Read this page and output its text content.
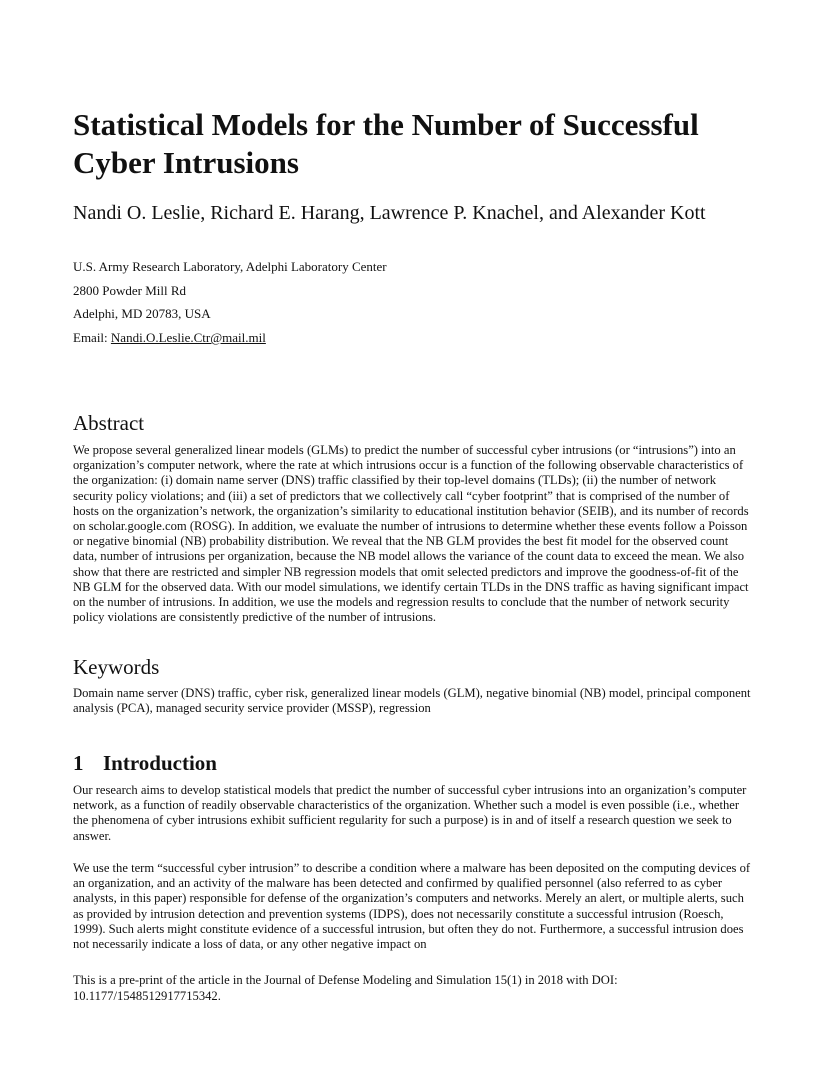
Statistical Models for the Number of Successful Cyber Intrusions

Nandi O. Leslie, Richard E. Harang, Lawrence P. Knachel, and Alexander Kott

U.S. Army Research Laboratory, Adelphi Laboratory Center

2800 Powder Mill Rd

Adelphi, MD 20783, USA

Email: Nandi.O.Leslie.Ctr@mail.mil

Abstract

We propose several generalized linear models (GLMs) to predict the number of successful cyber intrusions (or “intrusions”) into an organization’s computer network, where the rate at which intrusions occur is a function of the following observable characteristics of the organization: (i) domain name server (DNS) traffic classified by their top-level domains (TLDs); (ii) the number of network security policy violations; and (iii) a set of predictors that we collectively call “cyber footprint” that is comprised of the number of hosts on the organization’s network, the organization’s similarity to educational institution behavior (SEIB), and its number of records on scholar.google.com (ROSG). In addition, we evaluate the number of intrusions to determine whether these events follow a Poisson or negative binomial (NB) probability distribution. We reveal that the NB GLM provides the best fit model for the observed count data, number of intrusions per organization, because the NB model allows the variance of the count data to exceed the mean. We also show that there are restricted and simpler NB regression models that omit selected predictors and improve the goodness-of-fit of the NB GLM for the observed data. With our model simulations, we identify certain TLDs in the DNS traffic as having significant impact on the number of intrusions. In addition, we use the models and regression results to conclude that the number of network security policy violations are consistently predictive of the number of intrusions.

Keywords

Domain name server (DNS) traffic, cyber risk, generalized linear models (GLM), negative binomial (NB) model, principal component analysis (PCA), managed security service provider (MSSP), regression

1 Introduction

Our research aims to develop statistical models that predict the number of successful cyber intrusions into an organization’s computer network, as a function of readily observable characteristics of the organization. Whether such a model is even possible (i.e., whether the phenomena of cyber intrusions exhibit sufficient regularity for such a purpose) is in and of itself a research question we seek to answer.

We use the term “successful cyber intrusion” to describe a condition where a malware has been deposited on the computing devices of an organization, and an activity of the malware has been detected and confirmed by qualified personnel (also referred to as cyber analysts, in this paper) responsible for defense of the organization’s computers and networks. Merely an alert, or multiple alerts, such as provided by intrusion detection and prevention systems (IDPS), does not necessarily constitute a successful intrusion (Roesch, 1999). Such alerts might constitute evidence of a successful intrusion, but often they do not. Furthermore, a successful intrusion does not necessarily indicate a loss of data, or any other negative impact on

This is a pre-print of the article in the Journal of Defense Modeling and Simulation 15(1) in 2018 with DOI: 10.1177/1548512917715342.
